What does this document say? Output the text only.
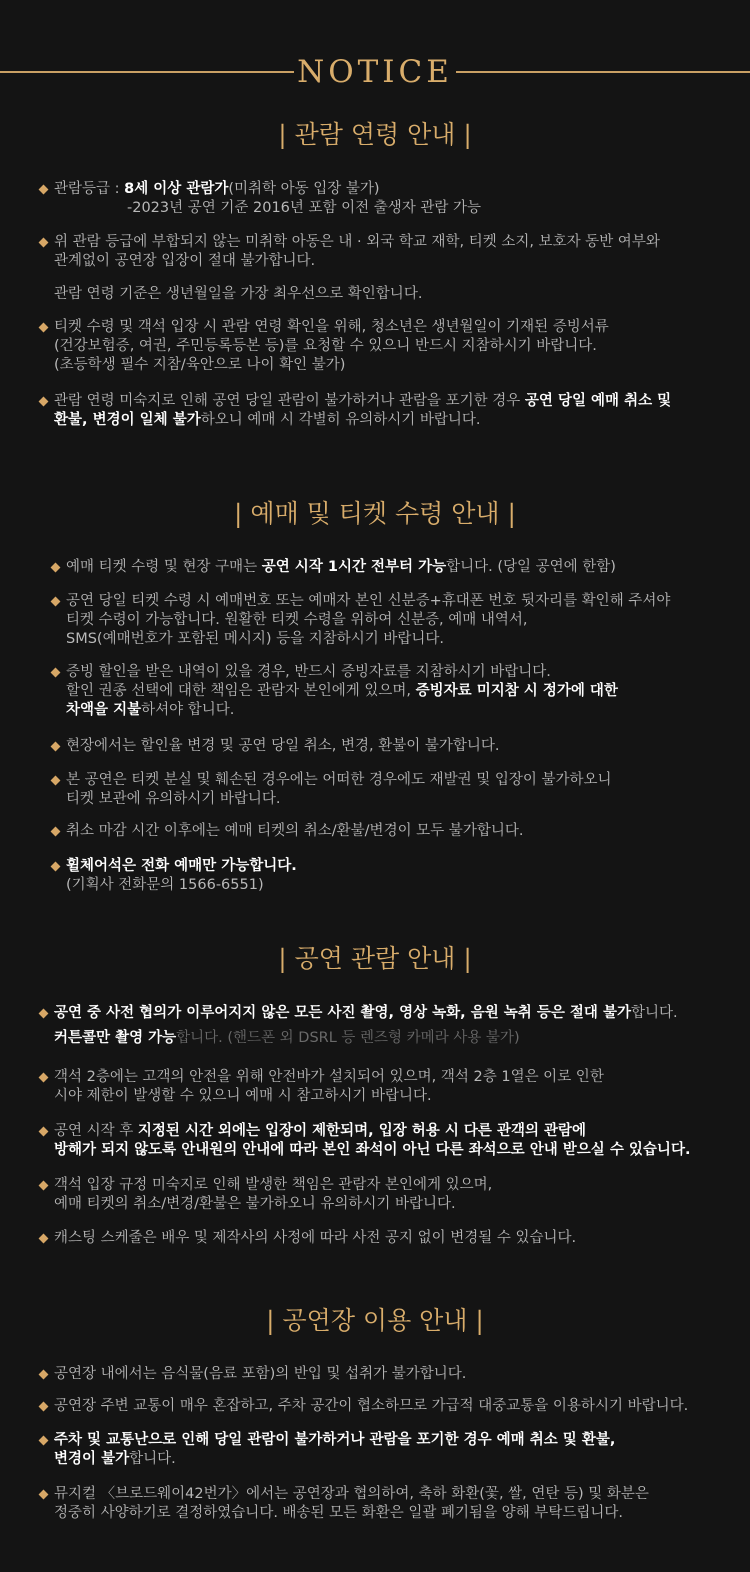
NOTICE
| 관람 연령 안내 |
관람등급 : 8세 이상 관람가(미취학 아동 입장 불가)
-2023년 공연 기준 2016년 포함 이전 출생자 관람 가능
위 관람 등급에 부합되지 않는 미취학 아동은 내 · 외국 학교 재학, 티켓 소지, 보호자 동반 여부와
관계없이 공연장 입장이 절대 불가합니다.
관람 연령 기준은 생년월일을 가장 최우선으로 확인합니다.
티켓 수령 및 객석 입장 시 관람 연령 확인을 위해, 청소년은 생년월일이 기재된 증빙서류
(건강보험증, 여권, 주민등록등본 등)를 요청할 수 있으니 반드시 지참하시기 바랍니다.
(초등학생 필수 지참/육안으로 나이 확인 불가)
관람 연령 미숙지로 인해 공연 당일 관람이 불가하거나 관람을 포기한 경우 공연 당일 예매 취소 및
환불, 변경이 일체 불가하오니 예매 시 각별히 유의하시기 바랍니다.
| 예매 및 티켓 수령 안내 |
예매 티켓 수령 및 현장 구매는 공연 시작 1시간 전부터 가능합니다. (당일 공연에 한함)
공연 당일 티켓 수령 시 예매번호 또는 예매자 본인 신분증+휴대폰 번호 뒷자리를 확인해 주셔야
티켓 수령이 가능합니다. 원활한 티켓 수령을 위하여 신분증, 예매 내역서,
SMS(예매번호가 포함된 메시지) 등을 지참하시기 바랍니다.
증빙 할인을 받은 내역이 있을 경우, 반드시 증빙자료를 지참하시기 바랍니다.
할인 권종 선택에 대한 책임은 관람자 본인에게 있으며, 증빙자료 미지참 시 정가에 대한
차액을 지불하셔야 합니다.
현장에서는 할인율 변경 및 공연 당일 취소, 변경, 환불이 불가합니다.
본 공연은 티켓 분실 및 훼손된 경우에는 어떠한 경우에도 재발권 및 입장이 불가하오니
티켓 보관에 유의하시기 바랍니다.
취소 마감 시간 이후에는 예매 티켓의 취소/환불/변경이 모두 불가합니다.
휠체어석은 전화 예매만 가능합니다.
(기획사 전화문의 1566-6551)
| 공연 관람 안내 |
공연 중 사전 협의가 이루어지지 않은 모든 사진 촬영, 영상 녹화, 음원 녹취 등은 절대 불가합니다.
커튼콜만 촬영 가능합니다. (핸드폰 외 DSRL 등 렌즈형 카메라 사용 불가)
객석 2층에는 고객의 안전을 위해 안전바가 설치되어 있으며, 객석 2층 1열은 이로 인한
시야 제한이 발생할 수 있으니 예매 시 참고하시기 바랍니다.
공연 시작 후 지정된 시간 외에는 입장이 제한되며, 입장 허용 시 다른 관객의 관람에
방해가 되지 않도록 안내원의 안내에 따라 본인 좌석이 아닌 다른 좌석으로 안내 받으실 수 있습니다.
객석 입장 규정 미숙지로 인해 발생한 책임은 관람자 본인에게 있으며,
예매 티켓의 취소/변경/환불은 불가하오니 유의하시기 바랍니다.
캐스팅 스케줄은 배우 및 제작사의 사정에 따라 사전 공지 없이 변경될 수 있습니다.
| 공연장 이용 안내 |
공연장 내에서는 음식물(음료 포함)의 반입 및 섭취가 불가합니다.
공연장 주변 교통이 매우 혼잡하고, 주차 공간이 협소하므로 가급적 대중교통을 이용하시기 바랍니다.
주차 및 교통난으로 인해 당일 관람이 불가하거나 관람을 포기한 경우 예매 취소 및 환불,
변경이 불가합니다.
뮤지컬 〈브로드웨이42번가〉에서는 공연장과 협의하여, 축하 화환(꽃, 쌀, 연탄 등) 및 화분은
정중히 사양하기로 결정하였습니다. 배송된 모든 화환은 일괄 폐기됨을 양해 부탁드립니다.
